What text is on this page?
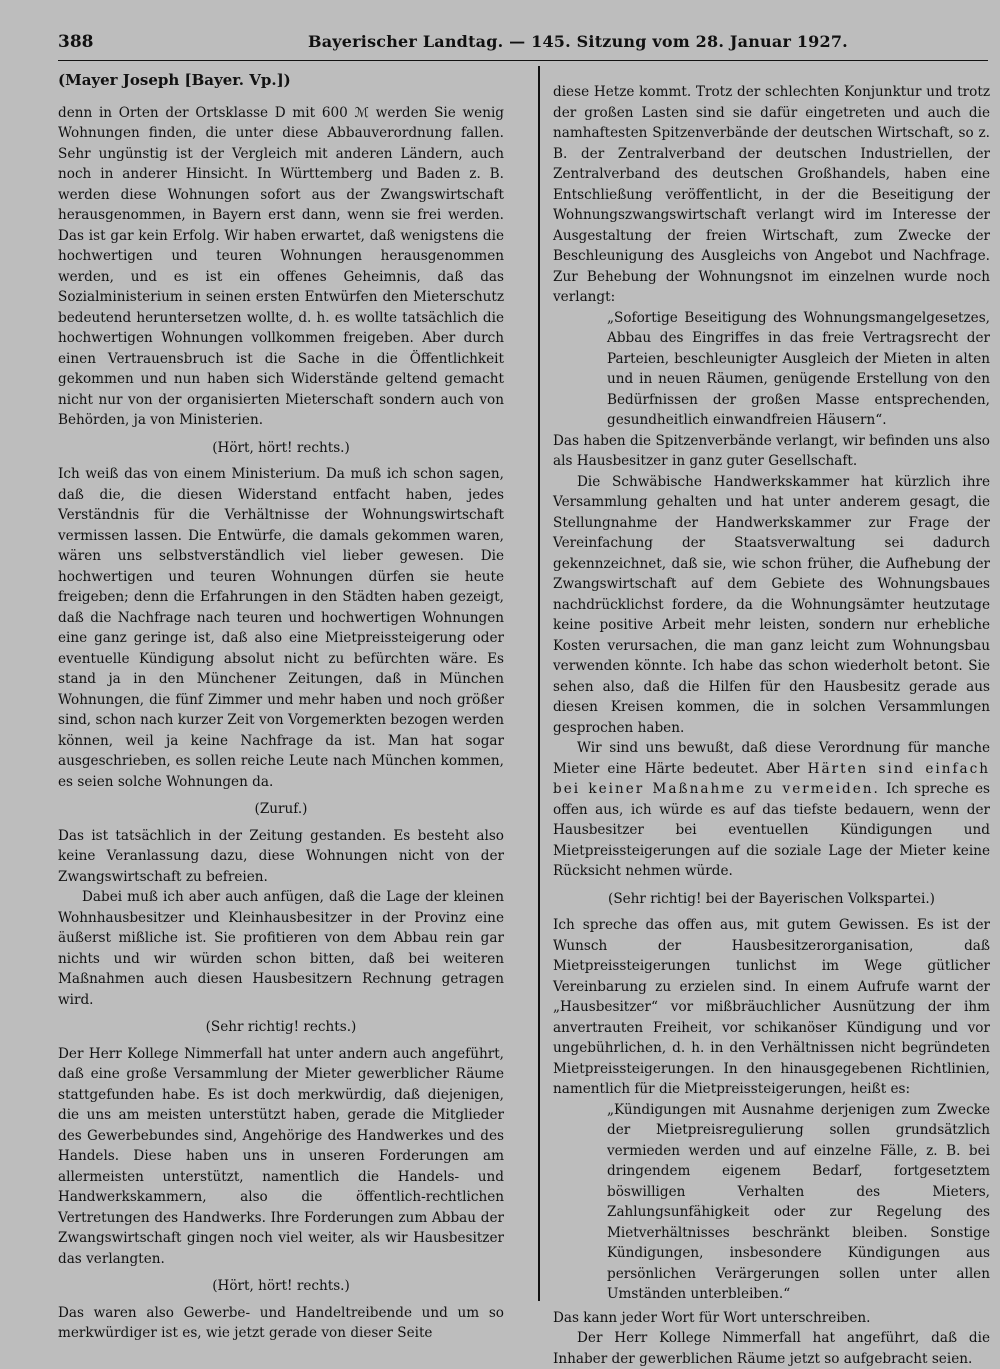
388	Bayerischer Landtag. — 145. Sitzung vom 28. Januar 1927.
(Mayer Joseph [Bayer. Vp.])

denn in Orten der Ortsklasse D mit 600 ℳ werden Sie wenig Wohnungen finden, die unter diese Abbauverordnung fallen. Sehr ungünstig ist der Vergleich mit anderen Ländern, auch noch in anderer Hinsicht. In Württemberg und Baden z. B. werden diese Wohnungen sofort aus der Zwangswirtschaft herausgenommen, in Bayern erst dann, wenn sie frei werden. Das ist gar kein Erfolg. Wir haben erwartet, daß wenigstens die hochwertigen und teuren Wohnungen herausgenommen werden, und es ist ein offenes Geheimnis, daß das Sozialministerium in seinen ersten Entwürfen den Mieterschutz bedeutend heruntersetzen wollte, d. h. es wollte tatsächlich die hochwertigen Wohnungen vollkommen freigeben. Aber durch einen Vertrauensbruch ist die Sache in die Öffentlichkeit gekommen und nun haben sich Widerstände geltend gemacht nicht nur von der organisierten Mieterschaft sondern auch von Behörden, ja von Ministerien.

(Hört, hört! rechts.)

Ich weiß das von einem Ministerium. Da muß ich schon sagen, daß die, die diesen Widerstand entfacht haben, jedes Verständnis für die Verhältnisse der Wohnungswirtschaft vermissen lassen. Die Entwürfe, die damals gekommen waren, wären uns selbstverständlich viel lieber gewesen. Die hochwertigen und teuren Wohnungen dürfen sie heute freigeben; denn die Erfahrungen in den Städten haben gezeigt, daß die Nachfrage nach teuren und hochwertigen Wohnungen eine ganz geringe ist, daß also eine Mietpreissteigerung oder eventuelle Kündigung absolut nicht zu befürchten wäre. Es stand ja in den Münchener Zeitungen, daß in München Wohnungen, die fünf Zimmer und mehr haben und noch größer sind, schon nach kurzer Zeit von Vorgemerkten bezogen werden können, weil ja keine Nachfrage da ist. Man hat sogar ausgeschrieben, es sollen reiche Leute nach München kommen, es seien solche Wohnungen da.

(Zuruf.)

Das ist tatsächlich in der Zeitung gestanden. Es besteht also keine Veranlassung dazu, diese Wohnungen nicht von der Zwangswirtschaft zu befreien.

Dabei muß ich aber auch anfügen, daß die Lage der kleinen Wohnhausbesitzer und Kleinhausbesitzer in der Provinz eine äußerst mißliche ist. Sie profitieren von dem Abbau rein gar nichts und wir würden schon bitten, daß bei weiteren Maßnahmen auch diesen Hausbesitzern Rechnung getragen wird.

(Sehr richtig! rechts.)

Der Herr Kollege Nimmerfall hat unter andern auch angeführt, daß eine große Versammlung der Mieter gewerblicher Räume stattgefunden habe. Es ist doch merkwürdig, daß diejenigen, die uns am meisten unterstützt haben, gerade die Mitglieder des Gewerbebundes sind, Angehörige des Handwerkes und des Handels. Diese haben uns in unseren Forderungen am allermeisten unterstützt, namentlich die Handels- und Handwerkskammern, also die öffentlich-rechtlichen Vertretungen des Handwerks. Ihre Forderungen zum Abbau der Zwangswirtschaft gingen noch viel weiter, als wir Hausbesitzer das verlangten.

(Hört, hört! rechts.)

Das waren also Gewerbe- und Handeltreibende und um so merkwürdiger ist es, wie jetzt gerade von dieser Seite

diese Hetze kommt. Trotz der schlechten Konjunktur und trotz der großen Lasten sind sie dafür eingetreten und auch die namhaftesten Spitzenverbände der deutschen Wirtschaft, so z. B. der Zentralverband der deutschen Industriellen, der Zentralverband des deutschen Großhandels, haben eine Entschließung veröffentlicht, in der die Beseitigung der Wohnungszwangswirtschaft verlangt wird im Interesse der Ausgestaltung der freien Wirtschaft, zum Zwecke der Beschleunigung des Ausgleichs von Angebot und Nachfrage. Zur Behebung der Wohnungsnot im einzelnen wurde noch verlangt:

„Sofortige Beseitigung des Wohnungsmangelgesetzes, Abbau des Eingriffes in das freie Vertragsrecht der Parteien, beschleunigter Ausgleich der Mieten in alten und in neuen Räumen, genügende Erstellung von den Bedürfnissen der großen Masse entsprechenden, gesundheitlich einwandfreien Häusern“.

Das haben die Spitzenverbände verlangt, wir befinden uns also als Hausbesitzer in ganz guter Gesellschaft.

Die Schwäbische Handwerkskammer hat kürzlich ihre Versammlung gehalten und hat unter anderem gesagt, die Stellungnahme der Handwerkskammer zur Frage der Vereinfachung der Staatsverwaltung sei dadurch gekennzeichnet, daß sie, wie schon früher, die Aufhebung der Zwangswirtschaft auf dem Gebiete des Wohnungsbaues nachdrücklichst fordere, da die Wohnungsämter heutzutage keine positive Arbeit mehr leisten, sondern nur erhebliche Kosten verursachen, die man ganz leicht zum Wohnungsbau verwenden könnte. Ich habe das schon wiederholt betont. Sie sehen also, daß die Hilfen für den Hausbesitz gerade aus diesen Kreisen kommen, die in solchen Versammlungen gesprochen haben.

Wir sind uns bewußt, daß diese Verordnung für manche Mieter eine Härte bedeutet. Aber Härten sind einfach bei keiner Maßnahme zu vermeiden. Ich spreche es offen aus, ich würde es auf das tiefste bedauern, wenn der Hausbesitzer bei eventuellen Kündigungen und Mietpreissteigerungen auf die soziale Lage der Mieter keine Rücksicht nehmen würde.

(Sehr richtig! bei der Bayerischen Volkspartei.)

Ich spreche das offen aus, mit gutem Gewissen. Es ist der Wunsch der Hausbesitzerorganisation, daß Mietpreissteigerungen tunlichst im Wege gütlicher Vereinbarung zu erzielen sind. In einem Aufrufe warnt der „Hausbesitzer“ vor mißbräuchlicher Ausnützung der ihm anvertrauten Freiheit, vor schikanöser Kündigung und vor ungebührlichen, d. h. in den Verhältnissen nicht begründeten Mietpreissteigerungen. In den hinausgegebenen Richtlinien, namentlich für die Mietpreissteigerungen, heißt es:

„Kündigungen mit Ausnahme derjenigen zum Zwecke der Mietpreisregulierung sollen grundsätzlich vermieden werden und auf einzelne Fälle, z. B. bei dringendem eigenem Bedarf, fortgesetztem böswilligen Verhalten des Mieters, Zahlungsunfähigkeit oder zur Regelung des Mietverhältnisses beschränkt bleiben. Sonstige Kündigungen, insbesondere Kündigungen aus persönlichen Verärgerungen sollen unter allen Umständen unterbleiben.“

Das kann jeder Wort für Wort unterschreiben.

Der Herr Kollege Nimmerfall hat angeführt, daß die Inhaber der gewerblichen Räume jetzt so aufgebracht seien.
